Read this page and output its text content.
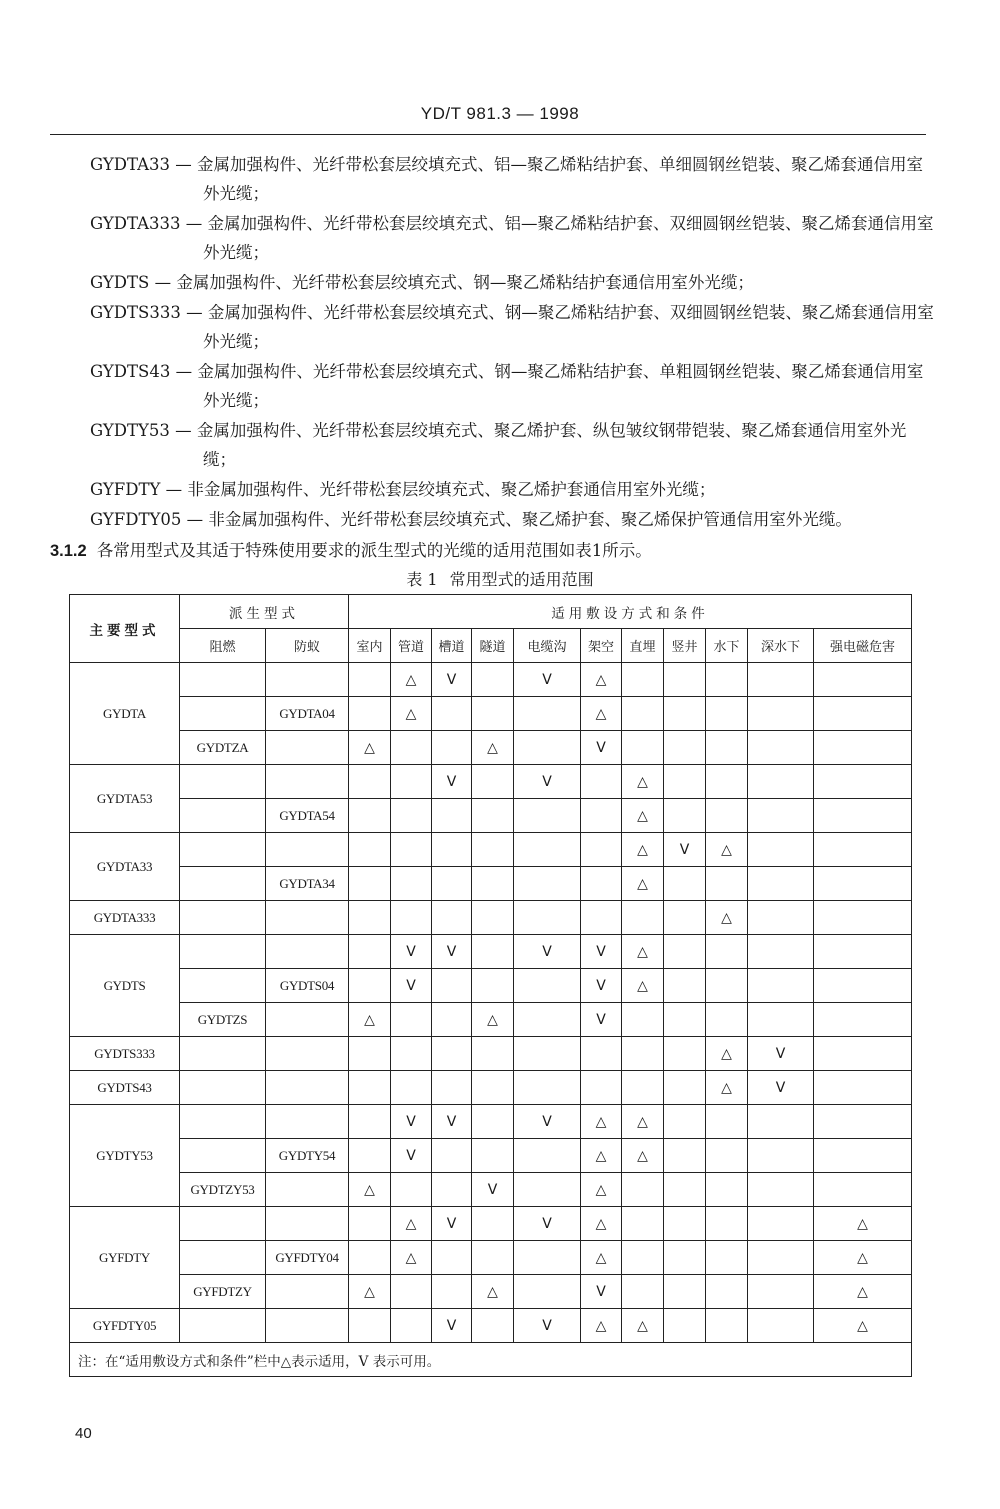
YD/T 981.3 — 1998
GYDTA33 — 金属加强构件、光纤带松套层绞填充式、铝—聚乙烯粘结护套、单细圆钢丝铠装、聚乙烯套通信用室外光缆；
GYDTA333 — 金属加强构件、光纤带松套层绞填充式、铝—聚乙烯粘结护套、双细圆钢丝铠装、聚乙烯套通信用室外光缆；
GYDTS — 金属加强构件、光纤带松套层绞填充式、钢—聚乙烯粘结护套通信用室外光缆；
GYDTS333 — 金属加强构件、光纤带松套层绞填充式、钢—聚乙烯粘结护套、双细圆钢丝铠装、聚乙烯套通信用室外光缆；
GYDTS43 — 金属加强构件、光纤带松套层绞填充式、钢—聚乙烯粘结护套、单粗圆钢丝铠装、聚乙烯套通信用室外光缆；
GYDTY53 — 金属加强构件、光纤带松套层绞填充式、聚乙烯护套、纵包皱纹钢带铠装、聚乙烯套通信用室外光缆；
GYFDTY — 非金属加强构件、光纤带松套层绞填充式、聚乙烯护套通信用室外光缆；
GYFDTY05 — 非金属加强构件、光纤带松套层绞填充式、聚乙烯护套、聚乙烯保护管通信用室外光缆。
3.1.2 各常用型式及其适于特殊使用要求的派生型式的光缆的适用范围如表1所示。
表 1 常用型式的适用范围
主要型式	派生型式		适用敷设方式和条件										
	阻燃	防蚁	室内	管道	槽道	隧道	电缆沟	架空	直埋	竖井	水下	深水下	强电磁危害
GYDTA				△	V		V	△					
		GYDTA04		△				△					
	GYDTZA		△			△		V					
GYDTA53					V		V		△				
		GYDTA54							△				
GYDTA33									△	V	△		
		GYDTA34							△				
GYDTA333											△		
GYDTS				V	V		V	V	△				
		GYDTS04		V				V	△				
	GYDTZS		△			△		V					
GYDTS333											△	V	
GYDTS43											△	V	
GYDTY53				V	V		V	△	△				
		GYDTY54		V				△	△				
	GYDTZY53		△			V		△					
GYFDTY				△	V		V	△					△
		GYFDTY04		△				△					△
	GYFDTZY		△			△		V					△
GYFDTY05					V		V	△	△				△
注：在“适用敷设方式和条件”栏中△表示适用，V 表示可用。													
40
